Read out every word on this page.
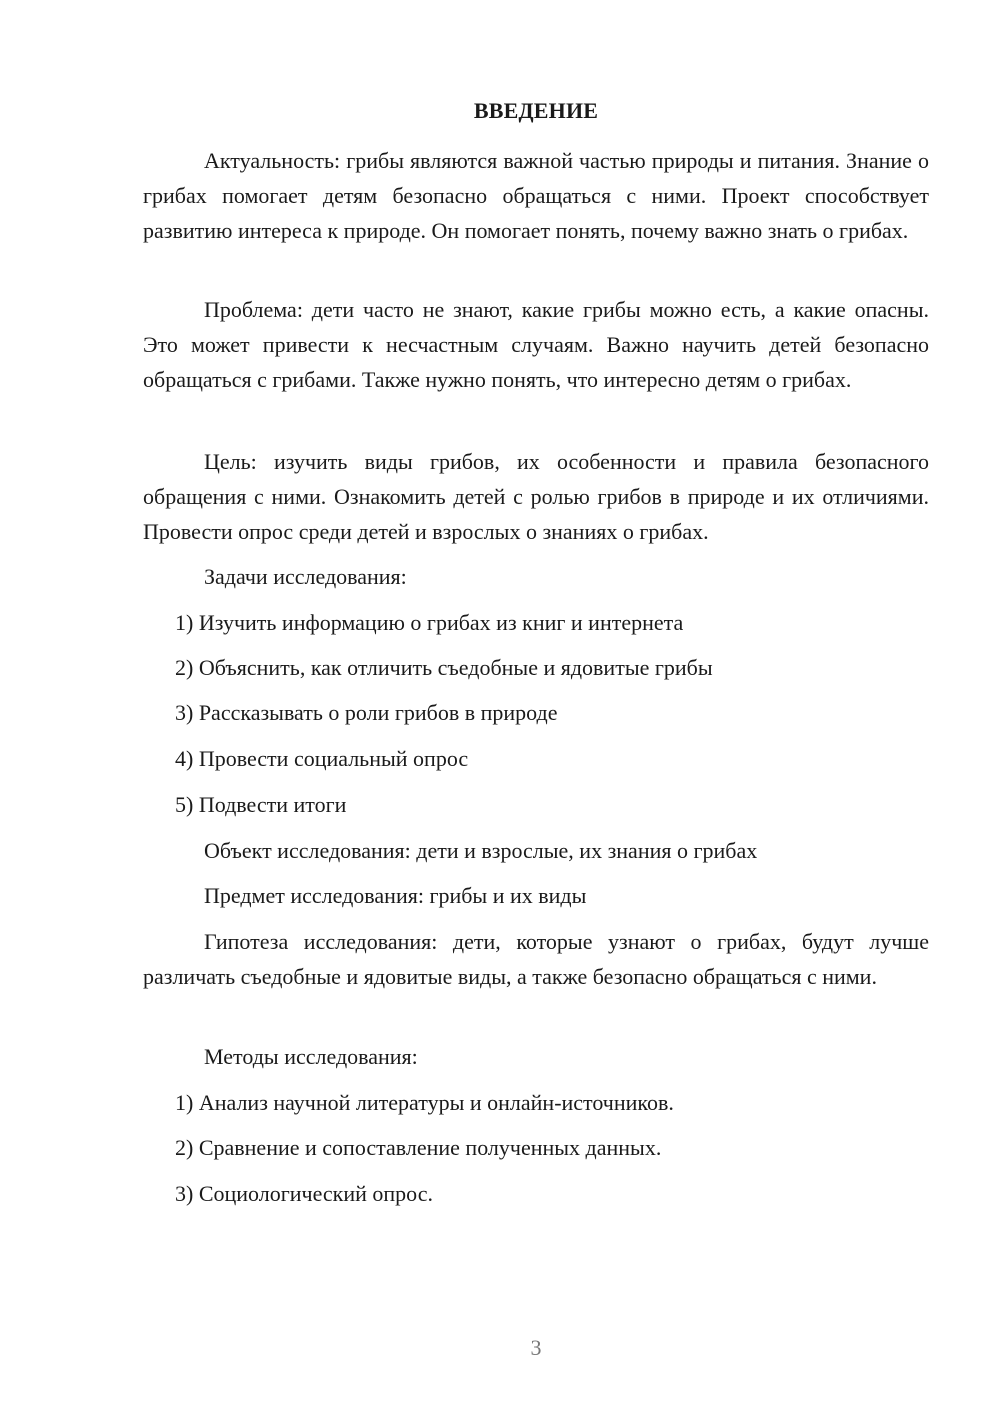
ВВЕДЕНИЕ

Актуальность: грибы являются важной частью природы и питания. Знание о грибах помогает детям безопасно обращаться с ними. Проект способствует развитию интереса к природе. Он помогает понять, почему важно знать о грибах.

Проблема: дети часто не знают, какие грибы можно есть, а какие опасны. Это может привести к несчастным случаям. Важно научить детей безопасно обращаться с грибами. Также нужно понять, что интересно детям о грибах.

Цель: изучить виды грибов, их особенности и правила безопасного обращения с ними. Ознакомить детей с ролью грибов в природе и их отличиями. Провести опрос среди детей и взрослых о знаниях о грибах.

Задачи исследования:

1) Изучить информацию о грибах из книг и интернета

2) Объяснить, как отличить съедобные и ядовитые грибы

3) Рассказывать о роли грибов в природе

4) Провести социальный опрос

5) Подвести итоги

Объект исследования: дети и взрослые, их знания о грибах

Предмет исследования: грибы и их виды

Гипотеза исследования: дети, которые узнают о грибах, будут лучше различать съедобные и ядовитые виды, а также безопасно обращаться с ними.

Методы исследования:

1) Анализ научной литературы и онлайн-источников.

2) Сравнение и сопоставление полученных данных.

3) Социологический опрос.

3
